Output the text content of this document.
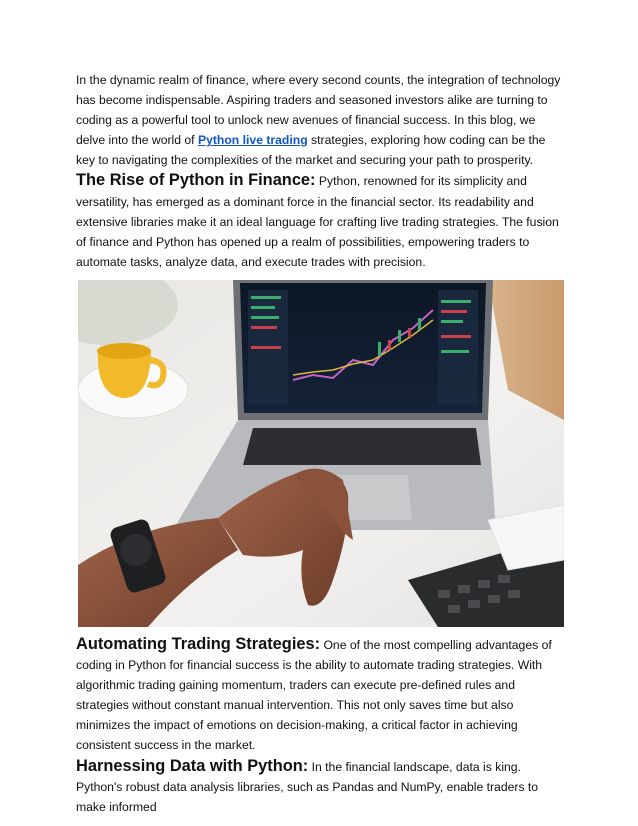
In the dynamic realm of finance, where every second counts, the integration of technology has become indispensable. Aspiring traders and seasoned investors alike are turning to coding as a powerful tool to unlock new avenues of financial success. In this blog, we delve into the world of Python live trading strategies, exploring how coding can be the key to navigating the complexities of the market and securing your path to prosperity.

The Rise of Python in Finance: Python, renowned for its simplicity and versatility, has emerged as a dominant force in the financial sector. Its readability and extensive libraries make it an ideal language for crafting live trading strategies. The fusion of finance and Python has opened up a realm of possibilities, empowering traders to automate tasks, analyze data, and execute trades with precision.

Automating Trading Strategies: One of the most compelling advantages of coding in Python for financial success is the ability to automate trading strategies. With algorithmic trading gaining momentum, traders can execute pre-defined rules and strategies without constant manual intervention. This not only saves time but also minimizes the impact of emotions on decision-making, a critical factor in achieving consistent success in the market.

Harnessing Data with Python: In the financial landscape, data is king. Python's robust data analysis libraries, such as Pandas and NumPy, enable traders to make informed
